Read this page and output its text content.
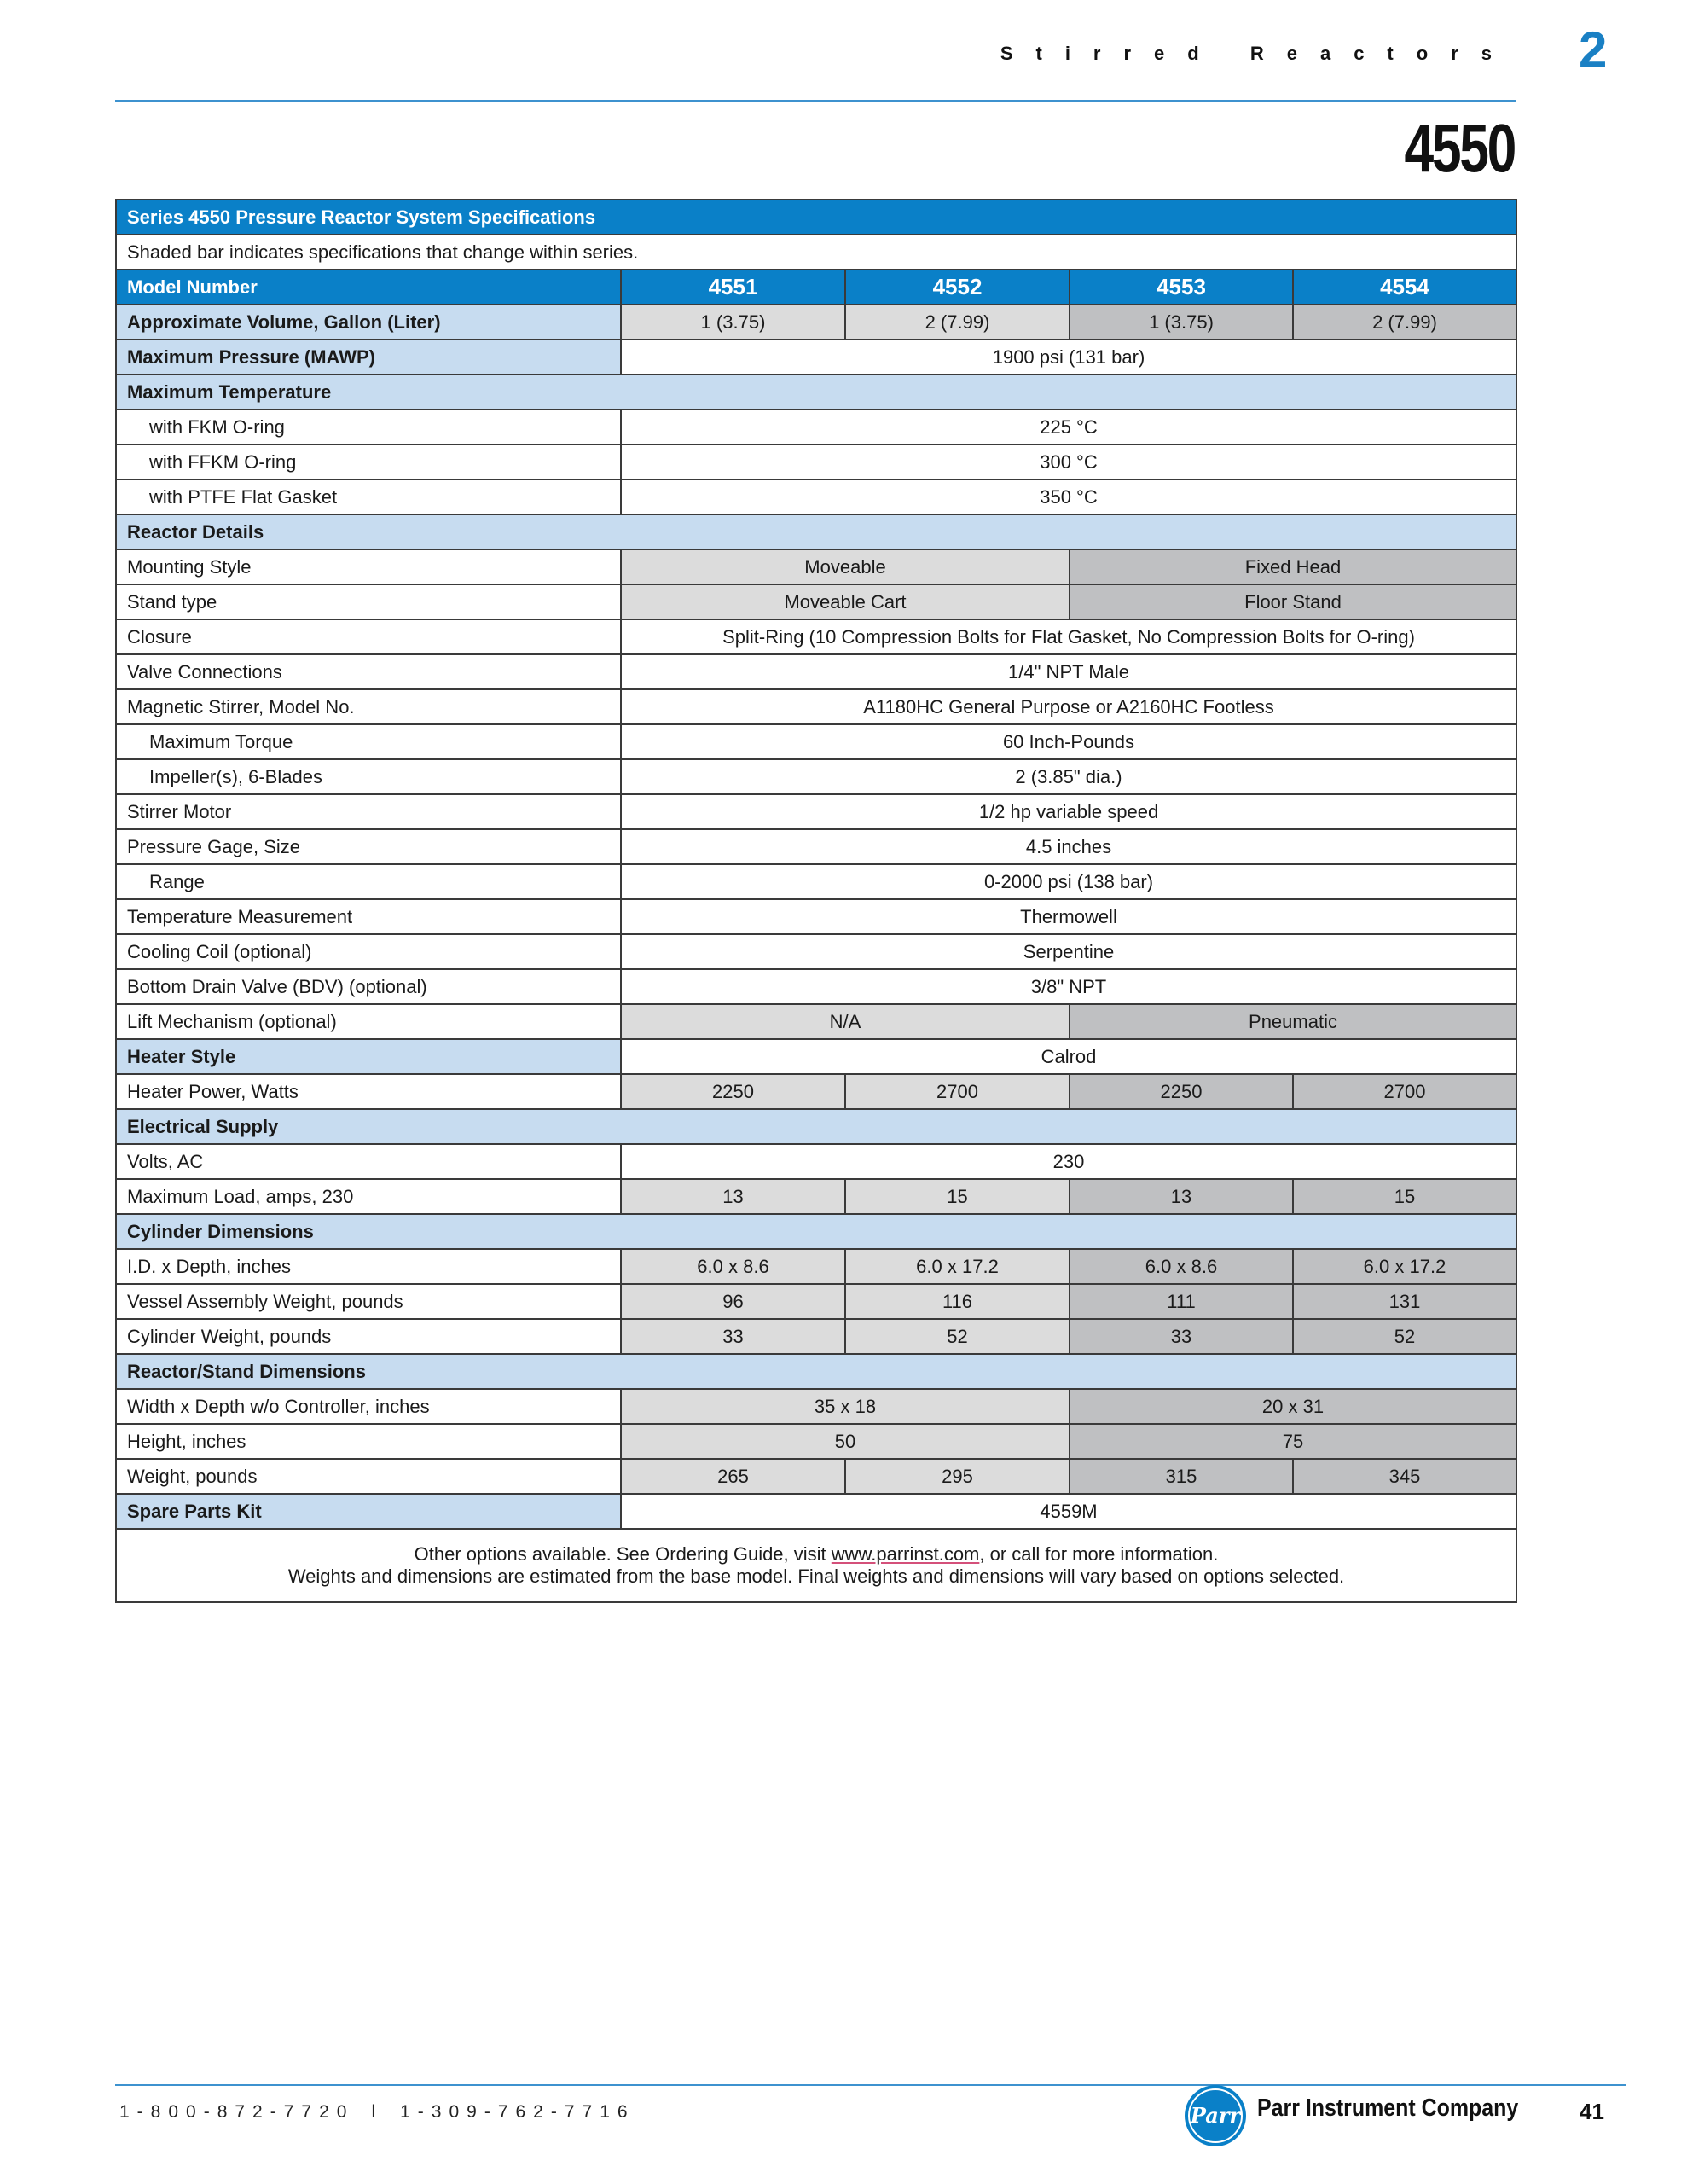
Stirred Reactors 2
4550
Series 4550 Pressure Reactor System Specifications				
Shaded bar indicates specifications that change within series.				
Model Number	4551	4552	4553	4554
Approximate Volume, Gallon (Liter)	1 (3.75)	2 (7.99)	1 (3.75)	2 (7.99)
Maximum Pressure (MAWP)	1900 psi (131 bar)			
Maximum Temperature				
with FKM O-ring	225 °C			
with FFKM O-ring	300 °C			
with PTFE Flat Gasket	350 °C			
Reactor Details				
Mounting Style	Moveable		Fixed Head	
Stand type	Moveable Cart		Floor Stand	
Closure	Split-Ring (10 Compression Bolts for Flat Gasket, No Compression Bolts for O-ring)			
Valve Connections	1/4" NPT Male			
Magnetic Stirrer, Model No.	A1180HC General Purpose or A2160HC Footless			
Maximum Torque	60 Inch-Pounds			
Impeller(s), 6-Blades	2 (3.85" dia.)			
Stirrer Motor	1/2 hp variable speed			
Pressure Gage, Size	4.5 inches			
Range	0-2000 psi (138 bar)			
Temperature Measurement	Thermowell			
Cooling Coil (optional)	Serpentine			
Bottom Drain Valve (BDV) (optional)	3/8" NPT			
Lift Mechanism (optional)	N/A		Pneumatic	
Heater Style	Calrod			
Heater Power, Watts	2250	2700	2250	2700
Electrical Supply				
Volts, AC	230			
Maximum Load, amps, 230	13	15	13	15
Cylinder Dimensions				
I.D. x Depth, inches	6.0 x 8.6	6.0 x 17.2	6.0 x 8.6	6.0 x 17.2
Vessel Assembly Weight, pounds	96	116	111	131
Cylinder Weight, pounds	33	52	33	52
Reactor/Stand Dimensions				
Width x Depth w/o Controller, inches	35 x 18		20 x 31	
Height, inches	50		75	
Weight, pounds	265	295	315	345
Spare Parts Kit	4559M			
Other options available. See Ordering Guide, visit www.parrinst.com, or call for more information.
Weights and dimensions are estimated from the base model. Final weights and dimensions will vary based on options selected.				
1-800-872-7720 l 1-309-762-7716	Parr Parr Instrument Company	41
